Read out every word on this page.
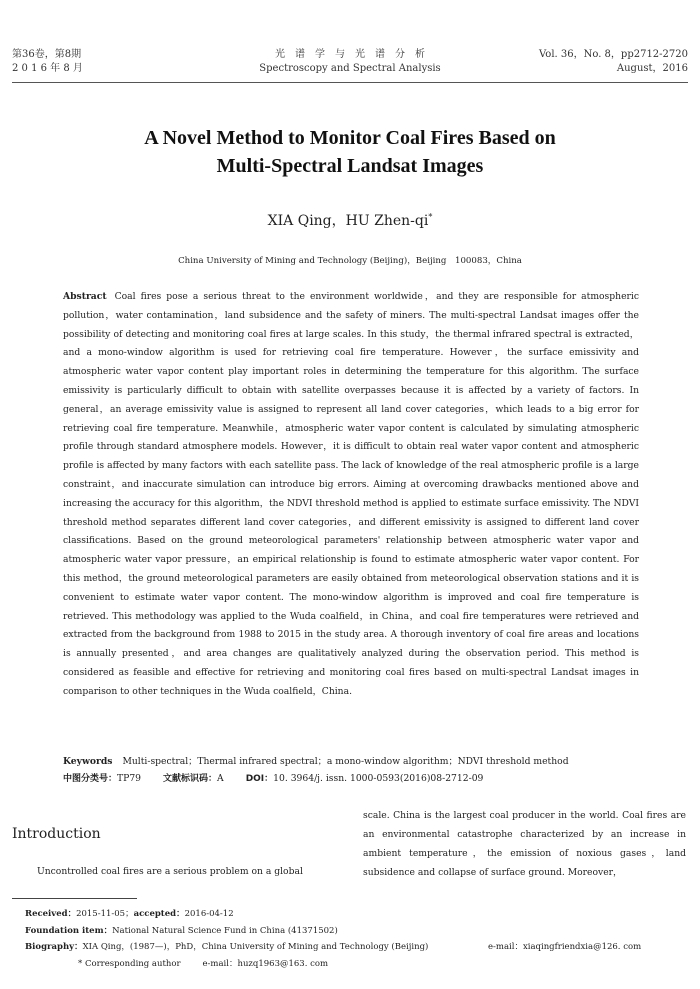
第36卷，第8期
2 0 1 6 年 8 月
光　谱　学　与　光　谱　分　析
Spectroscopy and Spectral Analysis
Vol. 36，No. 8，pp2712-2720
August，2016
A Novel Method to Monitor Coal Fires Based on
Multi-Spectral Landsat Images
XIA Qing，HU Zhen-qi*
China University of Mining and Technology (Beijing)，Beijing　100083，China
Abstract Coal fires pose a serious threat to the environment worldwide，and they are responsible for atmospheric pollution，water contamination，land subsidence and the safety of miners. The multi-spectral Landsat images offer the possibility of detecting and monitoring coal fires at large scales. In this study，the thermal infrared spectral is extracted，and a mono-window algorithm is used for retrieving coal fire temperature. However，the surface emissivity and atmospheric water vapor content play important roles in determining the temperature for this algorithm. The surface emissivity is particularly difficult to obtain with satellite overpasses because it is affected by a variety of factors. In general，an average emissivity value is assigned to represent all land cover categories，which leads to a big error for retrieving coal fire temperature. Meanwhile，atmospheric water vapor content is calculated by simulating atmospheric profile through standard atmosphere models. However，it is difficult to obtain real water vapor content and atmospheric profile is affected by many factors with each satellite pass. The lack of knowledge of the real atmospheric profile is a large constraint，and inaccurate simulation can introduce big errors. Aiming at overcoming drawbacks mentioned above and increasing the accuracy for this algorithm，the NDVI threshold method is applied to estimate surface emissivity. The NDVI threshold method separates different land cover categories，and different emissivity is assigned to different land cover classifications. Based on the ground meteorological parameters' relationship between atmospheric water vapor and atmospheric water vapor pressure，an empirical relationship is found to estimate atmospheric water vapor content. For this method，the ground meteorological parameters are easily obtained from meteorological observation stations and it is convenient to estimate water vapor content. The mono-window algorithm is improved and coal fire temperature is retrieved. This methodology was applied to the Wuda coalfield，in China，and coal fire temperatures were retrieved and extracted from the background from 1988 to 2015 in the study area. A thorough inventory of coal fire areas and locations is annually presented，and area changes are qualitatively analyzed during the observation period. This method is considered as feasible and effective for retrieving and monitoring coal fires based on multi-spectral Landsat images in comparison to other techniques in the Wuda coalfield，China.
Keywords Multi-spectral；Thermal infrared spectral；a mono-window algorithm；NDVI threshold method
中图分类号：TP79 文献标识码：A DOI：10. 3964/j. issn. 1000-0593(2016)08-2712-09
Introduction
Uncontrolled coal fires are a serious problem on a global
scale. China is the largest coal producer in the world. Coal fires are an environmental catastrophe characterized by an increase in ambient temperature，the emission of noxious gases，land subsidence and collapse of surface ground. Moreover，
Received：2015-11-05；accepted：2016-04-12
Foundation item：National Natural Science Fund in China (41371502)
Biography：XIA Qing，(1987—)，PhD，China University of Mining and Technology (Beijing)	e-mail：xiaqingfriendxia@126. com
* Corresponding author	e-mail：huzq1963@163. com
